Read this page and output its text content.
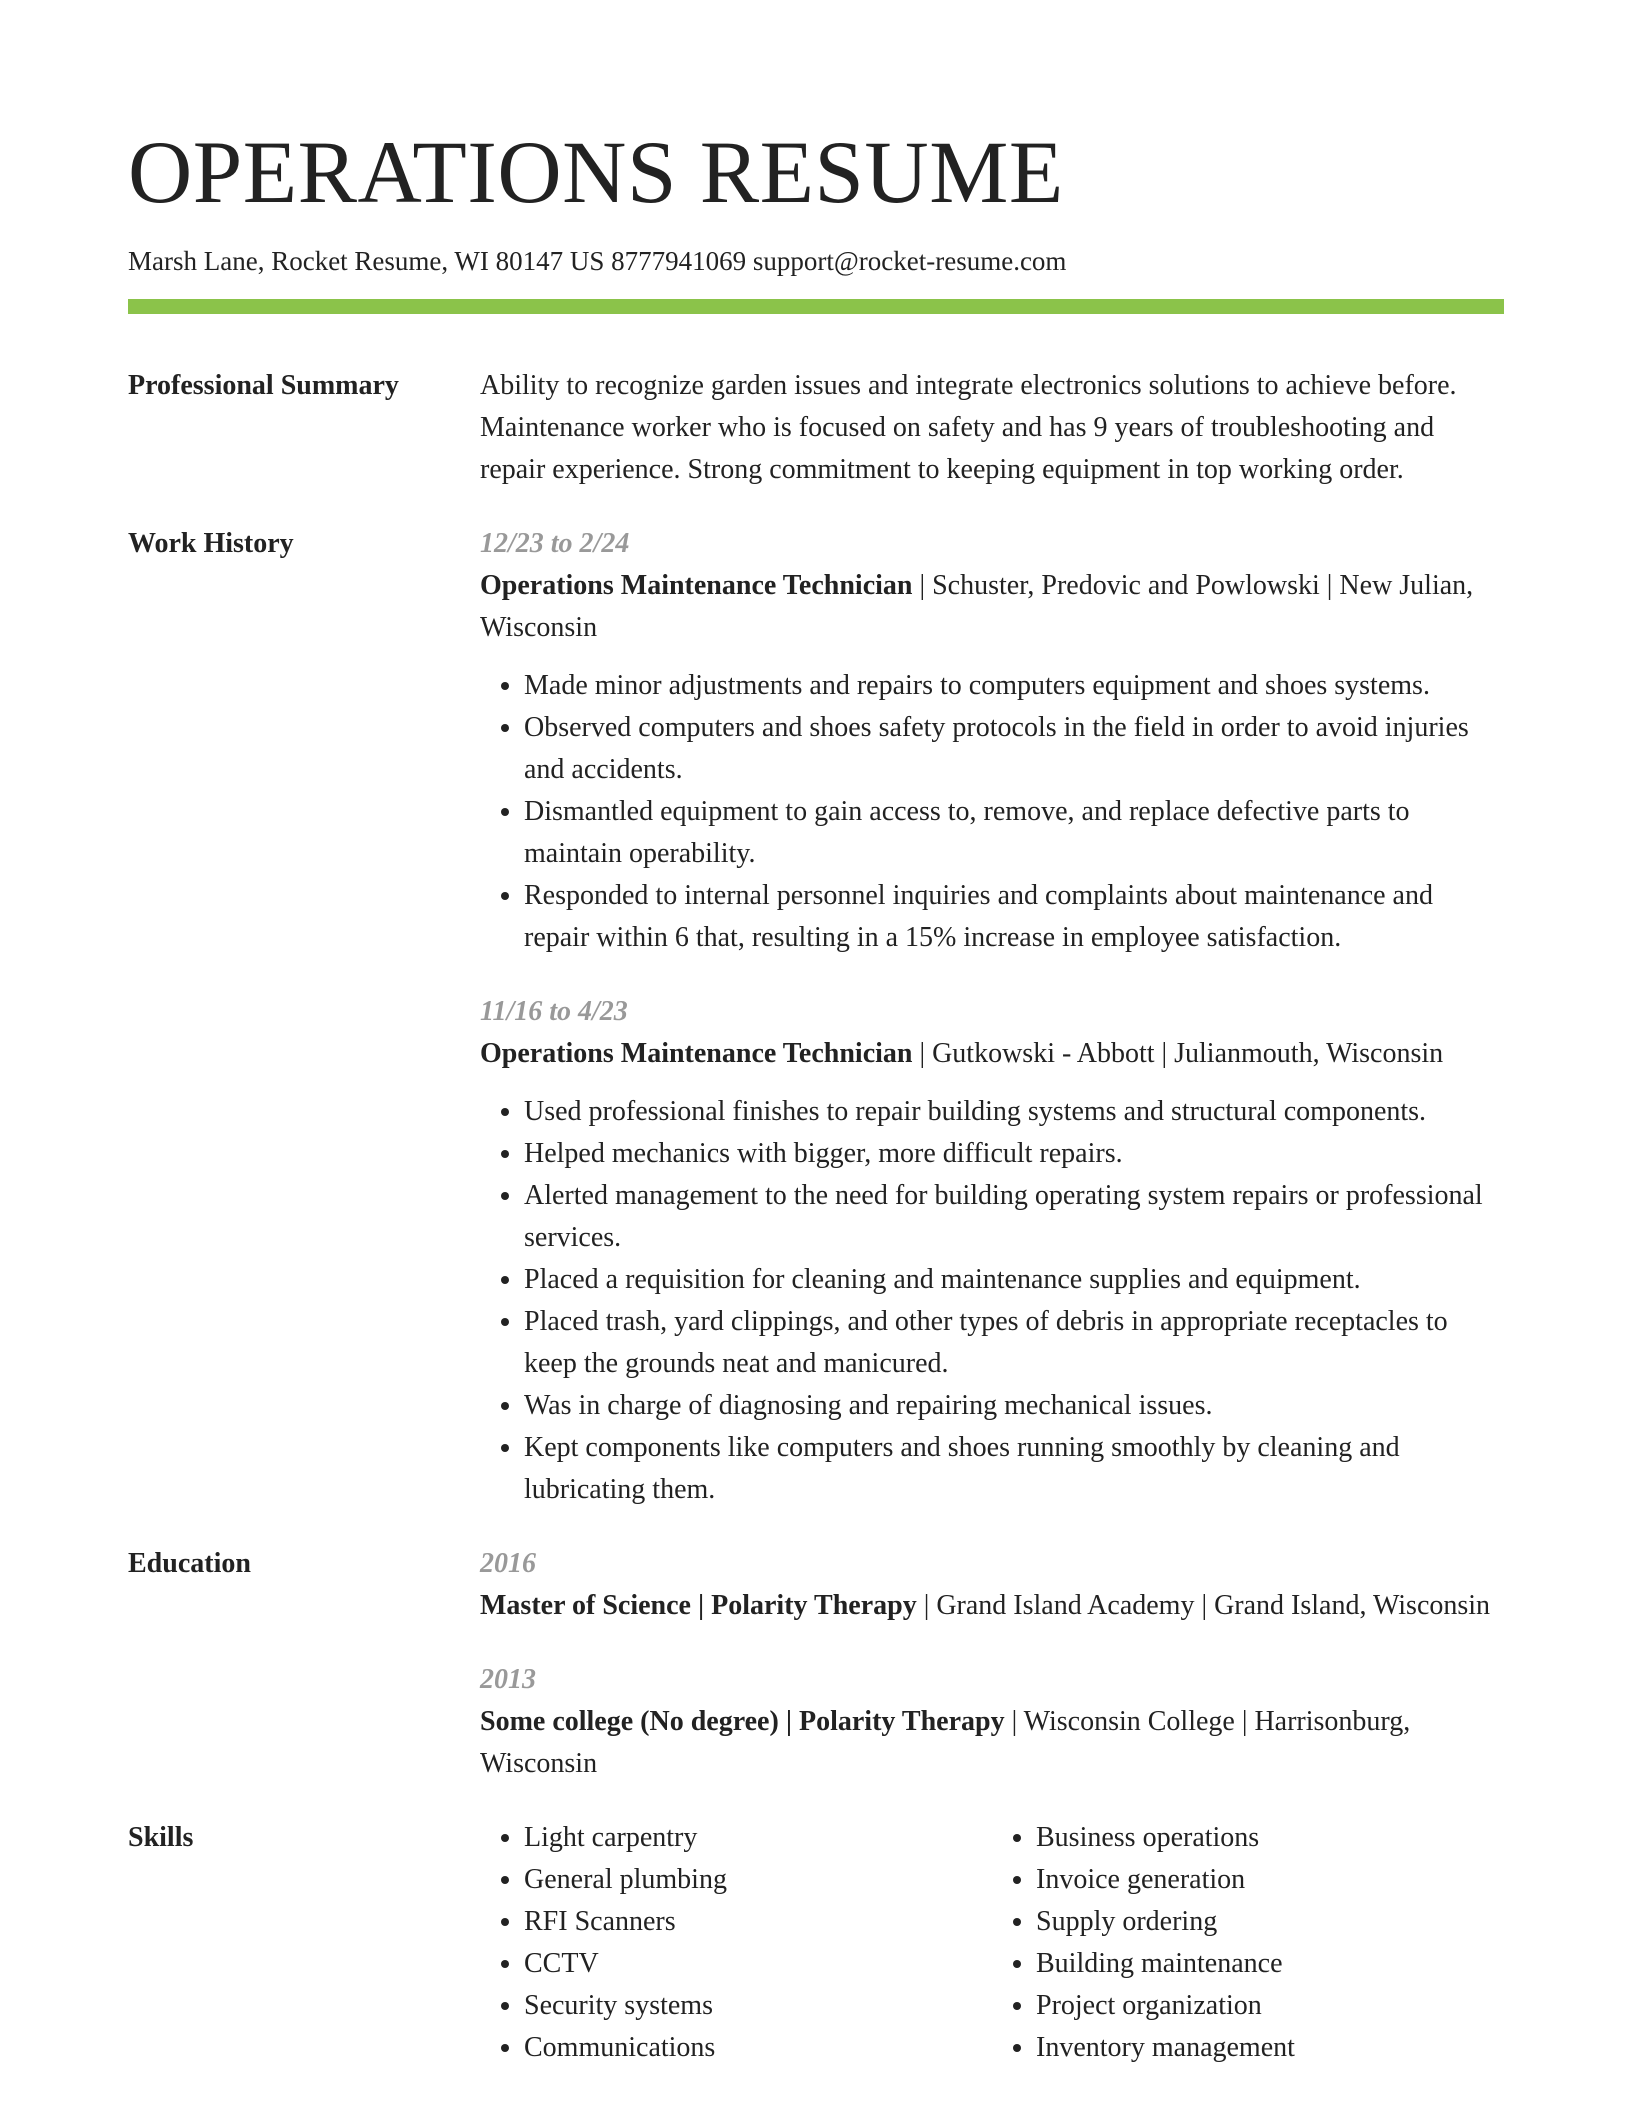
OPERATIONS RESUME
Marsh Lane, Rocket Resume, WI 80147 US 8777941069 support@rocket-resume.com
Professional Summary	Ability to recognize garden issues and integrate electronics solutions to achieve before. Maintenance worker who is focused on safety and has 9 years of troubleshooting and repair experience. Strong commitment to keeping equipment in top working order.

Work History	12/23 to 2/24

Operations Maintenance Technician | Schuster, Predovic and Powlowski | New Julian, Wisconsin

• Made minor adjustments and repairs to computers equipment and shoes systems.
• Observed computers and shoes safety protocols in the field in order to avoid injuries and accidents.
• Dismantled equipment to gain access to, remove, and replace defective parts to maintain operability.
• Responded to internal personnel inquiries and complaints about maintenance and repair within 6 that, resulting in a 15% increase in employee satisfaction.
11/16 to 4/23

Operations Maintenance Technician | Gutkowski - Abbott | Julianmouth, Wisconsin

• Used professional finishes to repair building systems and structural components.
• Helped mechanics with bigger, more difficult repairs.
• Alerted management to the need for building operating system repairs or professional services.
• Placed a requisition for cleaning and maintenance supplies and equipment.
• Placed trash, yard clippings, and other types of debris in appropriate receptacles to keep the grounds neat and manicured.
• Was in charge of diagnosing and repairing mechanical issues.
• Kept components like computers and shoes running smoothly by cleaning and lubricating them.
Education	2016

Master of Science | Polarity Therapy | Grand Island Academy | Grand Island, Wisconsin

2013

Some college (No degree) | Polarity Therapy | Wisconsin College | Harrisonburg, Wisconsin

Skills
•	Light carpentry
• General plumbing
• RFI Scanners
• CCTV
• Security systems
• Communications
• Business operations
• Invoice generation
• Supply ordering
• Building maintenance
• Project organization
• Inventory management
